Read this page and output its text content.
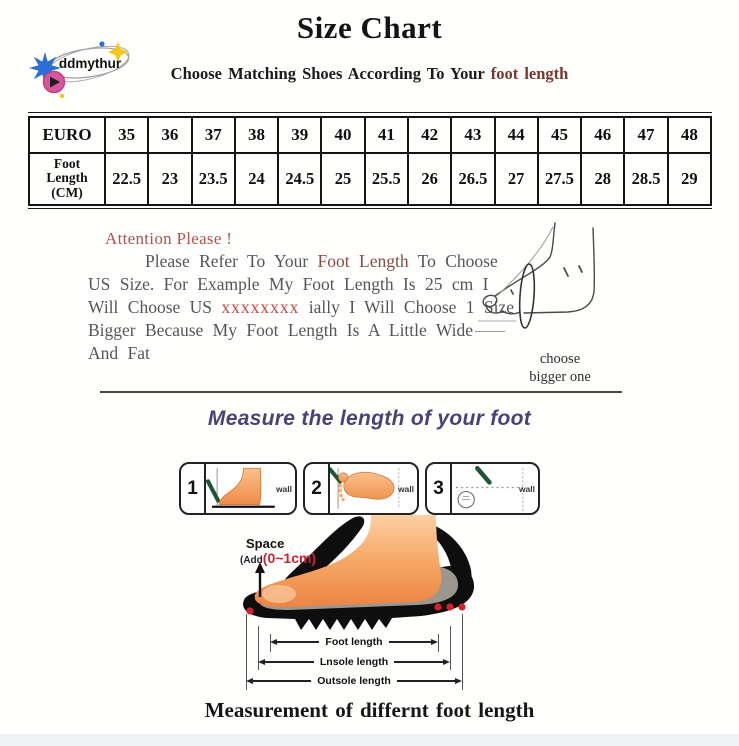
Size Chart
ddmythur
Choose Matching Shoes According To Your foot length
EURO	35	36	37	38	39	40	41	42	43	44	45	46	47	48

Foot
Length
(CM)	22.5	23	23.5	24	24.5	25	25.5	26	26.5	27	27.5	28	28.5	29
Attention Please !
Please Refer To Your Foot Length To Choose
US Size. For Example My Foot Length Is 25 cm I
Will Choose US xxxxxxxx ially I Will Choose 1 Size
Bigger Because My Foot Length Is A Little Wide
And Fat	choose
bigger one
Measure the length of your foot
1	wall	2	wall	3	wall
Space
(Add(0~1cm)
Foot length
Lnsole length
Outsole length
Measurement of differnt foot length
